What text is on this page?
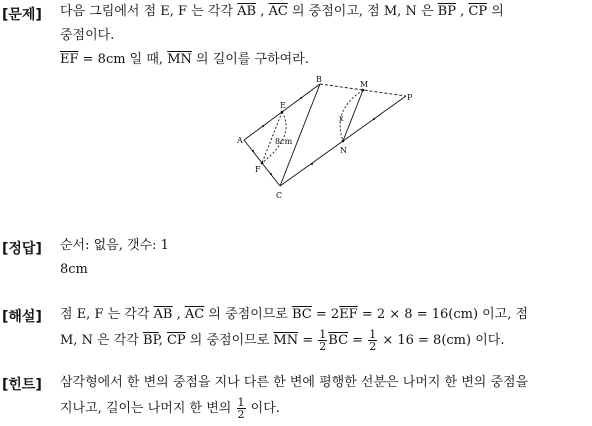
[문제] 다음 그림에서 점 E, F 는 각각 $\overline{AB}$ , $\overline{AC}$ 의 중점이고, 점 M, N 은 $\overline{BP}$ , $\overline{CP}$ 의
중점이다.
$\overline{EF} = 8cm$ 일 때, $\overline{MN}$ 의 길이를 구하여라.
B
M
P
E
A	8cm
x
N
F
C
[정답] 순서: 없음, 갯수: 1
8cm
[해설] 점 E, F 는 각각 $\overline{AB}$ , $\overline{AC}$ 의 중점이므로 $\overline{BC} = 2\overline{EF} = 2 \times 8 = 16(cm)$ 이고, 점
M, N 은 각각 $\overline{BP}$, $\overline{CP}$ 의 중점이므로 $\overline{MN} = \frac{1}{2} \overline{BC} = \frac{1}{2} \times 16 = 8(cm)$ 이다.
[힌트] 삼각형에서 한 변의 중점을 지나 다른 한 변에 평행한 선분은 나머지 한 변의 중점을
지나고, 길이는 나머지 한 변의 $\frac{1}{2}$ 이다.
